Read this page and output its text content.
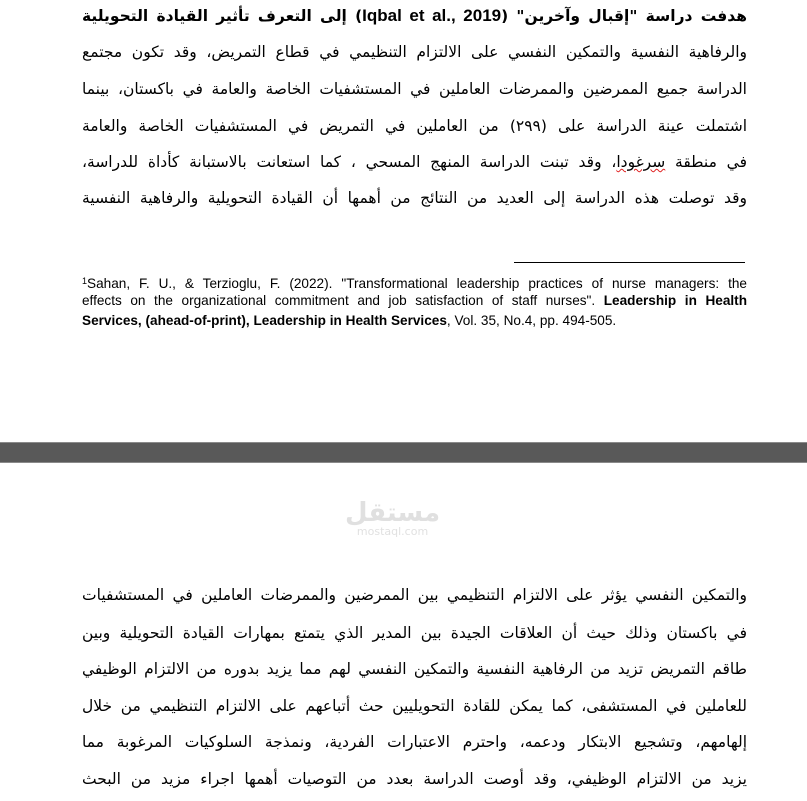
هدفت دراسة "إقبال وآخرين" (Iqbal et al., 2019) إلى التعرف تأثير القيادة التحويلية
والرفاهية النفسية والتمكين النفسي على الالتزام التنظيمي في قطاع التمريض، وقد تكون مجتمع
الدراسة جميع الممرضين والممرضات العاملين في المستشفيات الخاصة والعامة في باكستان، بينما
اشتملت عينة الدراسة على (٢٩٩) من العاملين في التمريض في المستشفيات الخاصة والعامة
في منطقة سرغودا، وقد تبنت الدراسة المنهج المسحي ، كما استعانت بالاستبانة كأداة للدراسة،
وقد توصلت هذه الدراسة إلى العديد من النتائج من أهمها أن القيادة التحويلية والرفاهية النفسية
$^1$Sahan, F. U., & Terzioglu, F. (2022). "Transformational leadership practices of nurse managers: the
effects on the organizational commitment and job satisfaction of staff nurses". Leadership in Health
Services, (ahead-of-print), Leadership in Health Services, Vol. 35, No.4, pp. 494-505.
والتمكين النفسي يؤثر على الالتزام التنظيمي بين الممرضين والممرضات العاملين في المستشفيات
في باكستان وذلك حيث أن العلاقات الجيدة بين المدير الذي يتمتع بمهارات القيادة التحويلية وبين
طاقم التمريض تزيد من الرفاهية النفسية والتمكين النفسي لهم مما يزيد بدوره من الالتزام الوظيفي
للعاملين في المستشفى، كما يمكن للقادة التحويليين حث أتباعهم على الالتزام التنظيمي من خلال
إلهامهم، وتشجيع الابتكار ودعمه، واحترم الاعتبارات الفردية، ونمذجة السلوكيات المرغوبة مما
يزيد من الالتزام الوظيفي، وقد أوصت الدراسة بعدد من التوصيات أهمها اجراء مزيد من البحث
مستقل
mostaql.com
